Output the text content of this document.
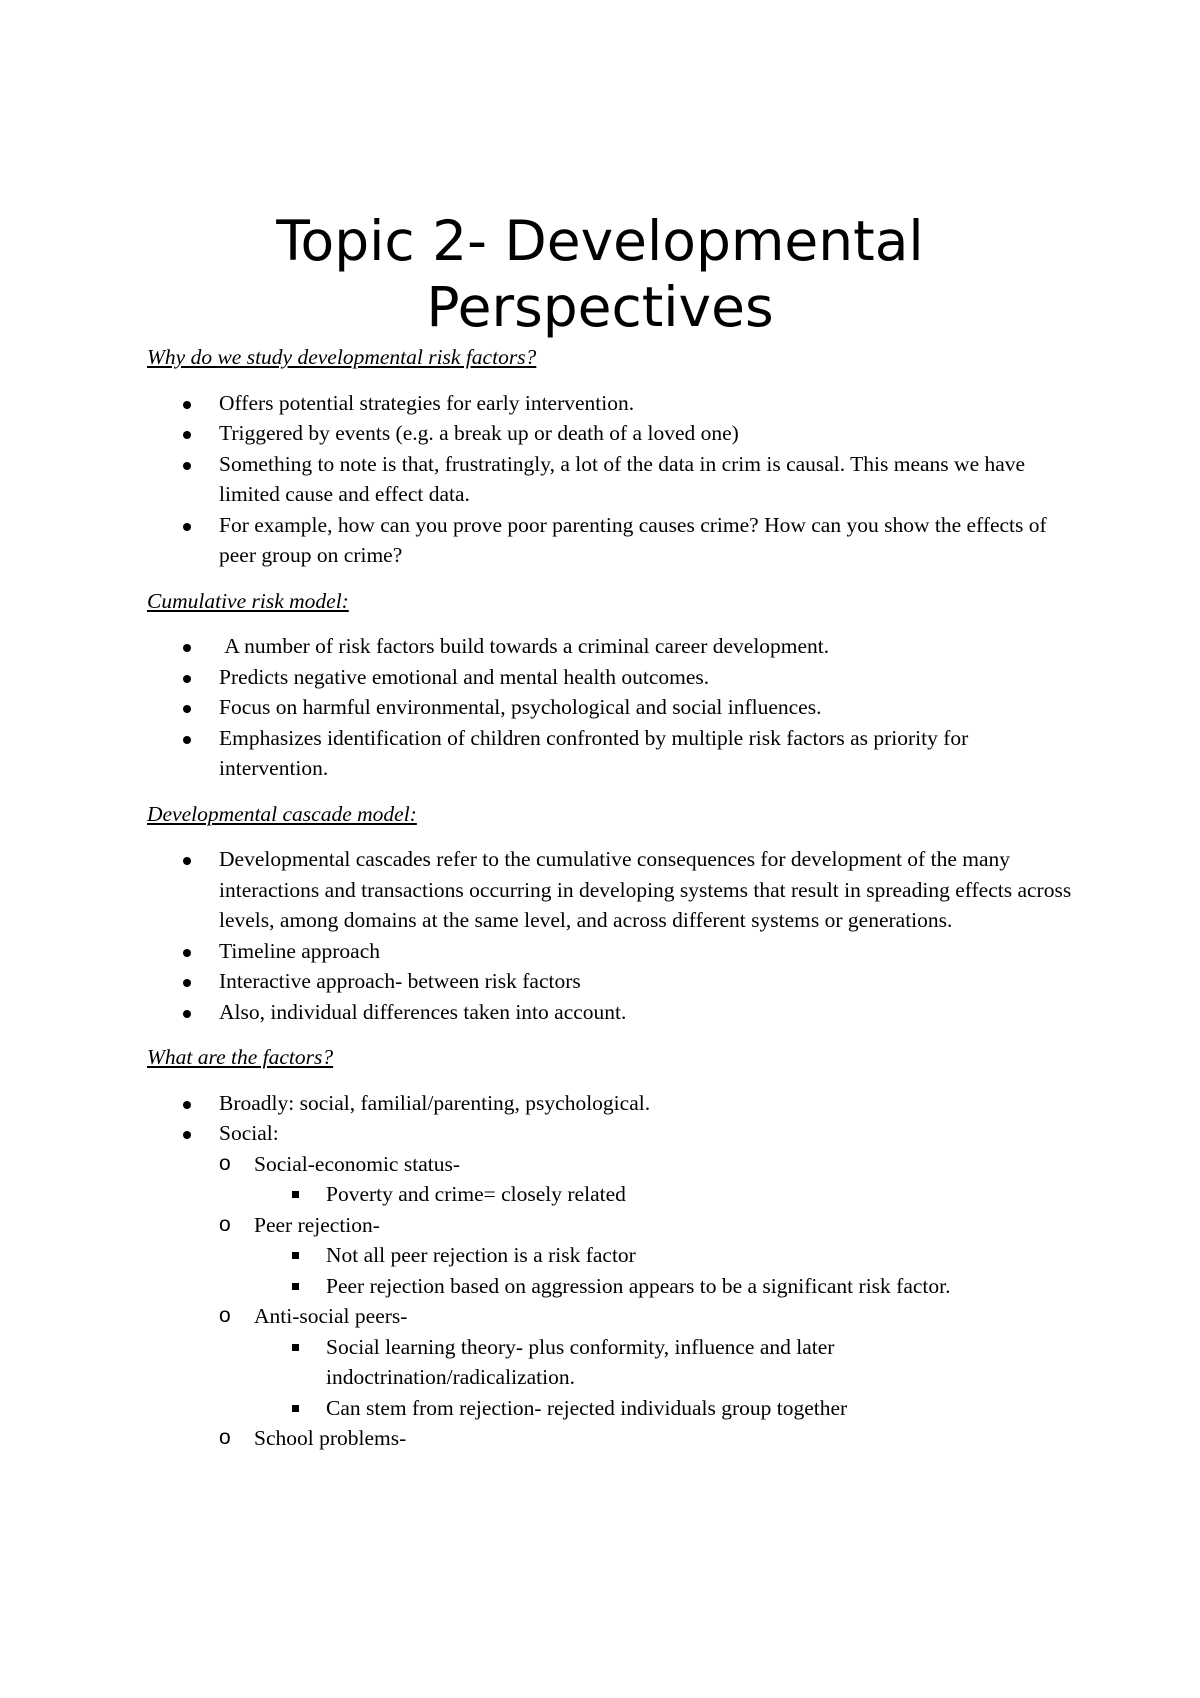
Topic 2- Developmental
Perspectives
Why do we study developmental risk factors?
Offers potential strategies for early intervention.
Triggered by events (e.g. a break up or death of a loved one)
Something to note is that, frustratingly, a lot of the data in crim is causal. This means we have limited cause and effect data.
For example, how can you prove poor parenting causes crime? How can you show the effects of peer group on crime?
Cumulative risk model:
A number of risk factors build towards a criminal career development.
Predicts negative emotional and mental health outcomes.
Focus on harmful environmental, psychological and social influences.
Emphasizes identification of children confronted by multiple risk factors as priority for intervention.
Developmental cascade model:
Developmental cascades refer to the cumulative consequences for development of the many interactions and transactions occurring in developing systems that result in spreading effects across levels, among domains at the same level, and across different systems or generations.
Timeline approach
Interactive approach- between risk factors
Also, individual differences taken into account.
What are the factors?
Broadly: social, familial/parenting, psychological.
Social:
o Social-economic status-
Poverty and crime= closely related
o Peer rejection-
Not all peer rejection is a risk factor
Peer rejection based on aggression appears to be a significant risk factor.
o Anti-social peers-
Social learning theory- plus conformity, influence and later indoctrination/radicalization.
Can stem from rejection- rejected individuals group together
o School problems-
